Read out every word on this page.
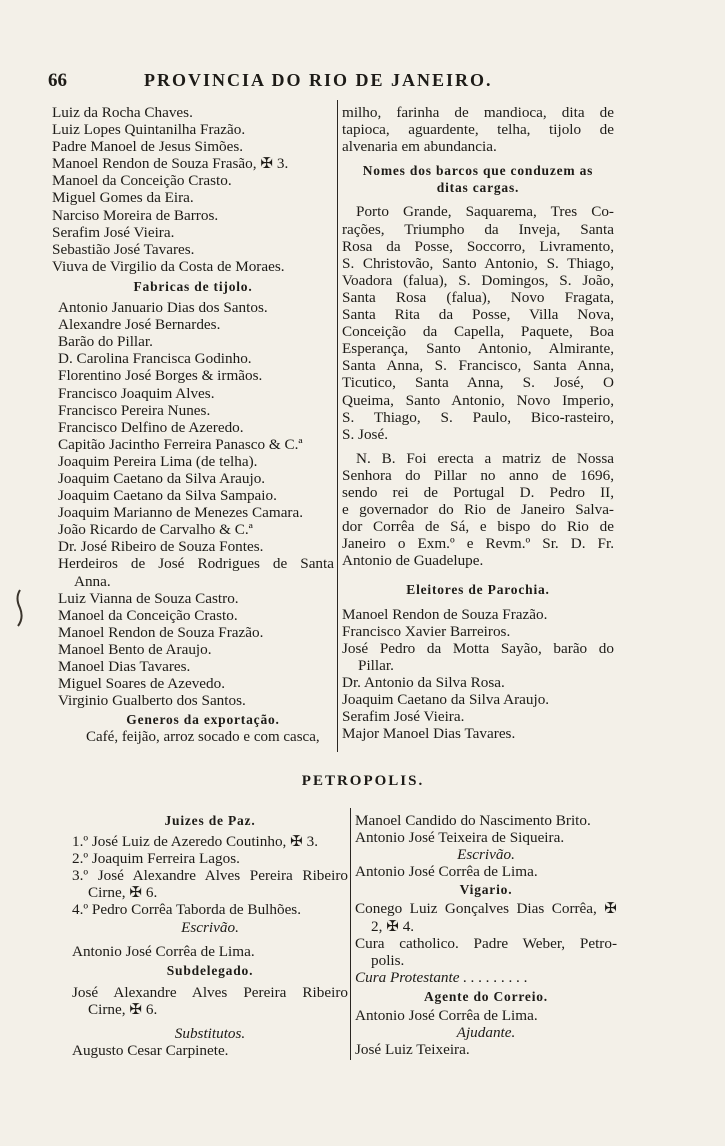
66	PROVINCIA DO RIO DE JANEIRO.
Luiz da Rocha Chaves.
Luiz Lopes Quintanilha Frazão.
Padre Manoel de Jesus Simões.
Manoel Rendon de Souza Frasão, ✠ 3.
Manoel da Conceição Crasto.
Miguel Gomes da Eira.
Narciso Moreira de Barros.
Serafim José Vieira.
Sebastião José Tavares.
Viuva de Virgilio da Costa de Moraes.
Fabricas de tijolo.
Antonio Januario Dias dos Santos.
Alexandre José Bernardes.
Barão do Pillar.
D. Carolina Francisca Godinho.
Florentino José Borges & irmãos.
Francisco Joaquim Alves.
Francisco Pereira Nunes.
Francisco Delfino de Azeredo.
Capitão Jacintho Ferreira Panasco & C.ª
Joaquim Pereira Lima (de telha).
Joaquim Caetano da Silva Araujo.
Joaquim Caetano da Silva Sampaio.
Joaquim Marianno de Menezes Camara.
João Ricardo de Carvalho & C.ª
Dr. José Ribeiro de Souza Fontes.
Herdeiros de José Rodrigues de Santa
Anna.
Luiz Vianna de Souza Castro.
Manoel da Conceição Crasto.
Manoel Rendon de Souza Frazão.
Manoel Bento de Araujo.
Manoel Dias Tavares.
Miguel Soares de Azevedo.
Virginio Gualberto dos Santos.
Generos da exportação.
Café, feijão, arroz socado e com casca,
milho, farinha de mandioca, dita de
tapioca, aguardente, telha, tijolo de
alvenaria em abundancia.
Nomes dos barcos que conduzem as
ditas cargas.
Porto Grande, Saquarema, Tres Co-
rações, Triumpho da Inveja, Santa
Rosa da Posse, Soccorro, Livramento,
S. Christovão, Santo Antonio, S. Thiago,
Voadora (falua), S. Domingos, S. João,
Santa Rosa (falua), Novo Fragata,
Santa Rita da Posse, Villa Nova,
Conceição da Capella, Paquete, Boa
Esperança, Santo Antonio, Almirante,
Santa Anna, S. Francisco, Santa Anna,
Ticutico, Santa Anna, S. José, O
Queima, Santo Antonio, Novo Imperio,
S. Thiago, S. Paulo, Bico-rasteiro,
S. José.
N. B. Foi erecta a matriz de Nossa
Senhora do Pillar no anno de 1696,
sendo rei de Portugal D. Pedro II,
e governador do Rio de Janeiro Salva-
dor Corrêa de Sá, e bispo do Rio de
Janeiro o Exm.º e Revm.º Sr. D. Fr.
Antonio de Guadelupe.
Eleitores de Parochia.
Manoel Rendon de Souza Frazão.
Francisco Xavier Barreiros.
José Pedro da Motta Sayão, barão do
Pillar.
Dr. Antonio da Silva Rosa.
Joaquim Caetano da Silva Araujo.
Serafim José Vieira.
Major Manoel Dias Tavares.
PETROPOLIS.
Juizes de Paz.
1.º José Luiz de Azeredo Coutinho, ✠ 3.
2.º Joaquim Ferreira Lagos.
3.º José Alexandre Alves Pereira Ribeiro
Cirne, ✠ 6.
4.º Pedro Corrêa Taborda de Bulhões.
Escrivão.
Antonio José Corrêa de Lima.
Subdelegado.
José Alexandre Alves Pereira Ribeiro
Cirne, ✠ 6.
Substitutos.
Augusto Cesar Carpinete.
Manoel Candido do Nascimento Brito.
Antonio José Teixeira de Siqueira.
Escrivão.
Antonio José Corrêa de Lima.
Vigario.
Conego Luiz Gonçalves Dias Corrêa, ✠
2, ✠ 4.
Cura catholico. Padre Weber, Petro-
polis.
Cura Protestante . . . . . . . . .
Agente do Correio.
Antonio José Corrêa de Lima.
Ajudante.
José Luiz Teixeira.
